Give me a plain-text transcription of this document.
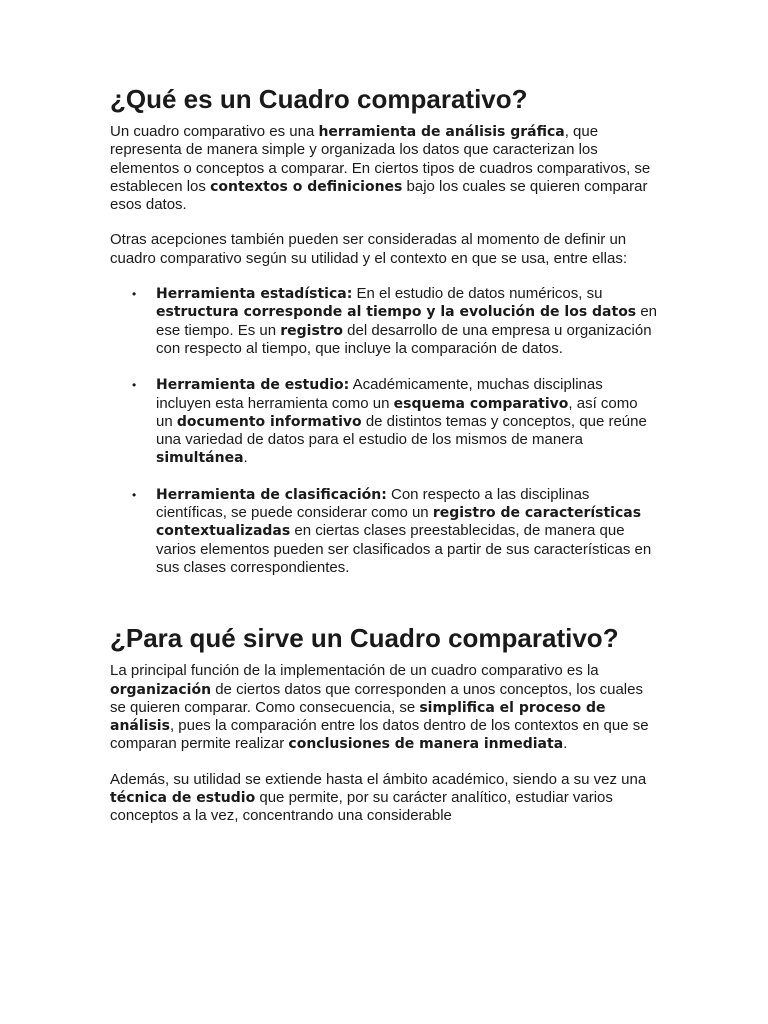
¿Qué es un Cuadro comparativo?

Un cuadro comparativo es una herramienta de análisis gráfica, que representa de manera simple y organizada los datos que caracterizan los elementos o conceptos a comparar. En ciertos tipos de cuadros comparativos, se establecen los contextos o definiciones bajo los cuales se quieren comparar esos datos.

Otras acepciones también pueden ser consideradas al momento de definir un cuadro comparativo según su utilidad y el contexto en que se usa, entre ellas:

• Herramienta estadística: En el estudio de datos numéricos, su estructura corresponde al tiempo y la evolución de los datos en ese tiempo. Es un registro del desarrollo de una empresa u organización con respecto al tiempo, que incluye la comparación de datos.
• Herramienta de estudio: Académicamente, muchas disciplinas incluyen esta herramienta como un esquema comparativo, así como un documento informativo de distintos temas y conceptos, que reúne una variedad de datos para el estudio de los mismos de manera simultánea.
• Herramienta de clasificación: Con respecto a las disciplinas científicas, se puede considerar como un registro de características contextualizadas en ciertas clases preestablecidas, de manera que varios elementos pueden ser clasificados a partir de sus características en sus clases correspondientes.
¿Para qué sirve un Cuadro comparativo?

La principal función de la implementación de un cuadro comparativo es la organización de ciertos datos que corresponden a unos conceptos, los cuales se quieren comparar. Como consecuencia, se simplifica el proceso de análisis, pues la comparación entre los datos dentro de los contextos en que se comparan permite realizar conclusiones de manera inmediata.

Además, su utilidad se extiende hasta el ámbito académico, siendo a su vez una técnica de estudio que permite, por su carácter analítico, estudiar varios conceptos a la vez, concentrando una considerable
